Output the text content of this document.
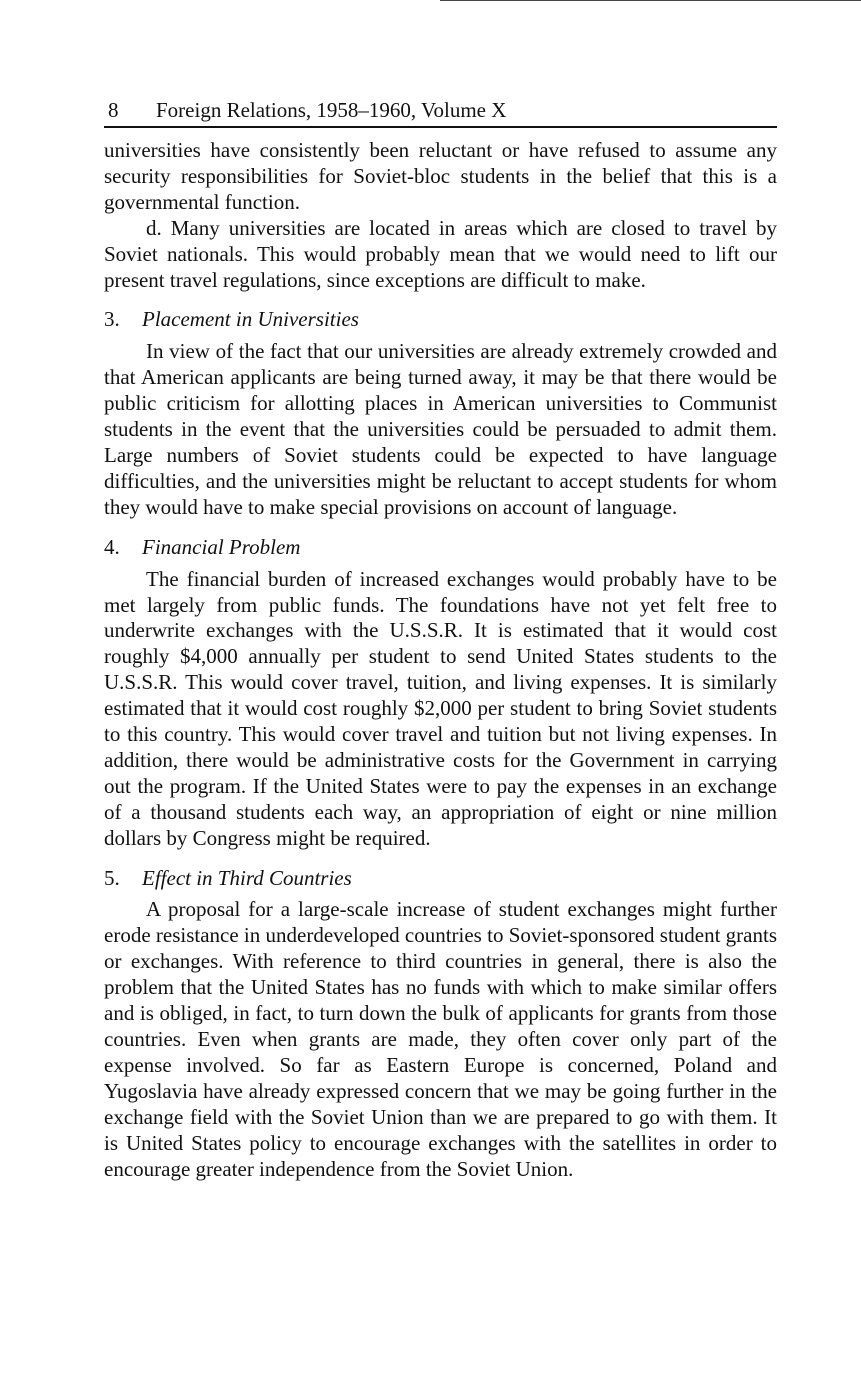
8 Foreign Relations, 1958–1960, Volume X

universities have consistently been reluctant or have refused to assume any security responsibilities for Soviet-bloc students in the belief that this is a governmental function.

d. Many universities are located in areas which are closed to travel by Soviet nationals. This would probably mean that we would need to lift our present travel regulations, since exceptions are difficult to make.

3. Placement in Universities

In view of the fact that our universities are already extremely crowded and that American applicants are being turned away, it may be that there would be public criticism for allotting places in American universities to Communist students in the event that the universities could be persuaded to admit them. Large numbers of Soviet students could be expected to have language difficulties, and the universities might be reluctant to accept students for whom they would have to make special provisions on account of language.

4. Financial Problem

The financial burden of increased exchanges would probably have to be met largely from public funds. The foundations have not yet felt free to underwrite exchanges with the U.S.S.R. It is estimated that it would cost roughly $4,000 annually per student to send United States students to the U.S.S.R. This would cover travel, tuition, and living expenses. It is similarly estimated that it would cost roughly $2,000 per student to bring Soviet students to this country. This would cover travel and tuition but not living expenses. In addition, there would be administrative costs for the Government in carrying out the program. If the United States were to pay the expenses in an exchange of a thousand students each way, an appropriation of eight or nine million dollars by Congress might be required.

5. Effect in Third Countries

A proposal for a large-scale increase of student exchanges might further erode resistance in underdeveloped countries to Soviet-sponsored student grants or exchanges. With reference to third countries in general, there is also the problem that the United States has no funds with which to make similar offers and is obliged, in fact, to turn down the bulk of applicants for grants from those countries. Even when grants are made, they often cover only part of the expense involved. So far as Eastern Europe is concerned, Poland and Yugoslavia have already expressed concern that we may be going further in the exchange field with the Soviet Union than we are prepared to go with them. It is United States policy to encourage exchanges with the satellites in order to encourage greater independence from the Soviet Union.
